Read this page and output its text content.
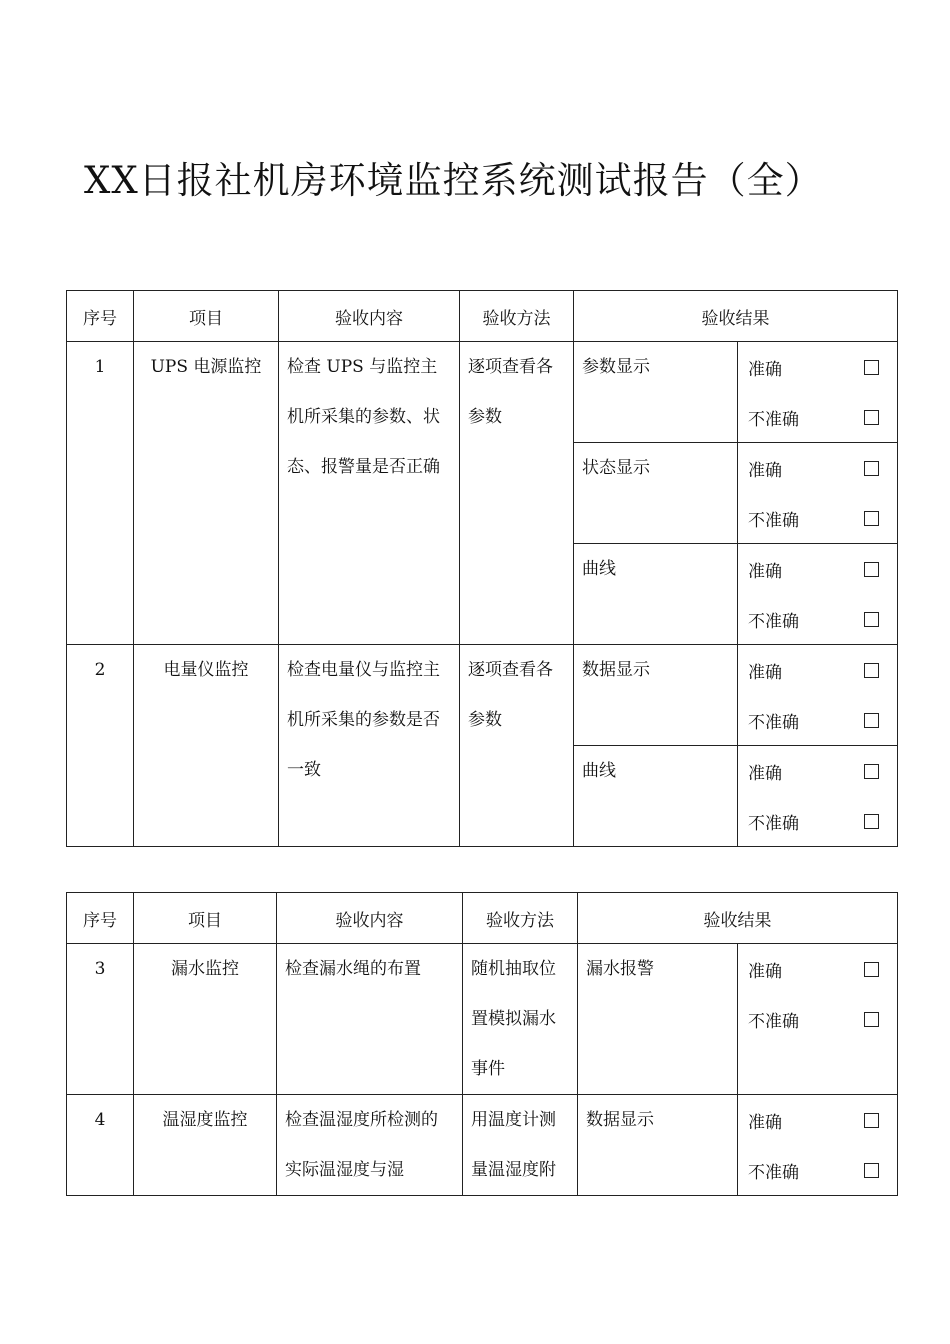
XX日报社机房环境监控系统测试报告（全）
序号	项目	验收内容	验收方法	验收结果	

1	UPS 电源监控	检查 UPS 与监控主机所采集的参数、状态、报警量是否正确	逐项查看各参数	参数显示	准确
不准确

				状态显示	准确
不准确

				曲线	准确
不准确

2	电量仪监控	检查电量仪与监控主机所采集的参数是否一致	逐项查看各参数	数据显示	准确
不准确

				曲线	准确
不准确
序号	项目	验收内容	验收方法	验收结果	

3	漏水监控	检查漏水绳的布置	随机抽取位置模拟漏水事件	漏水报警	准确
不准确

4	温湿度监控	检查温湿度所检测的实际温湿度与湿	用温度计测量温湿度附	数据显示	准确
不准确
